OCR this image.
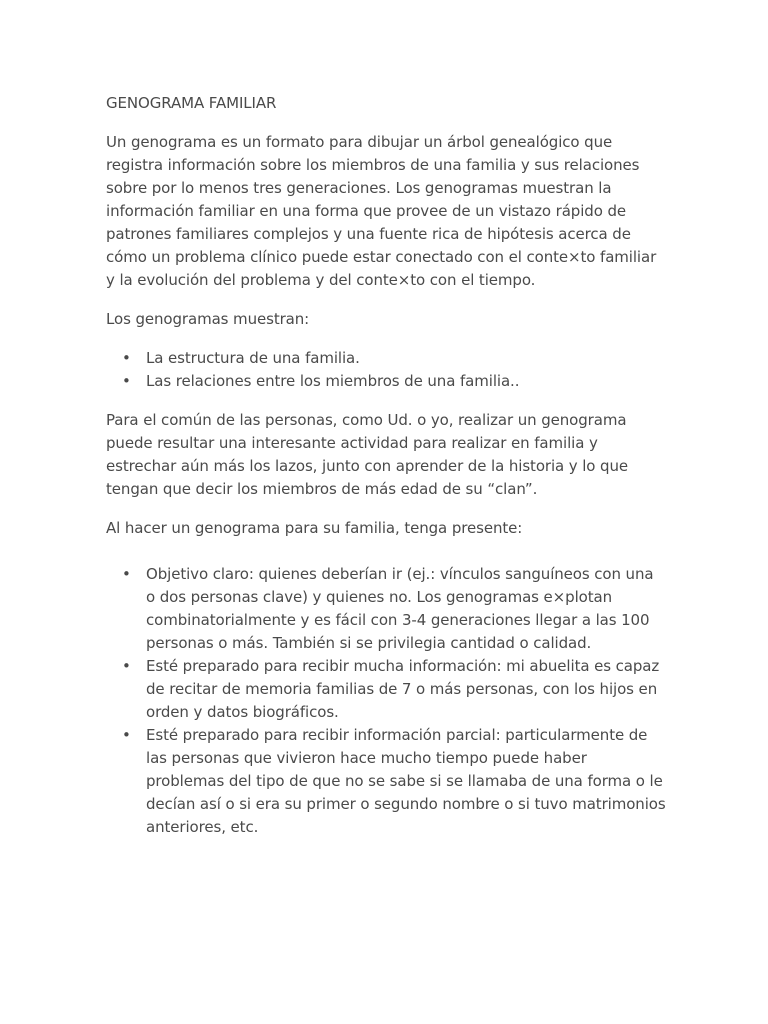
GENOGRAMA FAMILIAR

Un genograma es un formato para dibujar un árbol genealógico que registra información sobre los miembros de una familia y sus relaciones sobre por lo menos tres generaciones. Los genogramas muestran la información familiar en una forma que provee de un vistazo rápido de patrones familiares complejos y una fuente rica de hipótesis acerca de cómo un problema clínico puede estar conectado con el conte×to familiar y la evolución del problema y del conte×to con el tiempo.

Los genogramas muestran:

• La estructura de una familia.
• Las relaciones entre los miembros de una familia..

Para el común de las personas, como Ud. o yo, realizar un genograma puede resultar una interesante actividad para realizar en familia y estrechar aún más los lazos, junto con aprender de la historia y lo que tengan que decir los miembros de más edad de su “clan”.

Al hacer un genograma para su familia, tenga presente:

• Objetivo claro: quienes deberían ir (ej.: vínculos sanguíneos con una o dos personas clave) y quienes no. Los genogramas e×plotan combinatorialmente y es fácil con 3-4 generaciones llegar a las 100 personas o más. También si se privilegia cantidad o calidad.
• Esté preparado para recibir mucha información: mi abuelita es capaz de recitar de memoria familias de 7 o más personas, con los hijos en orden y datos biográficos.
• Esté preparado para recibir información parcial: particularmente de las personas que vivieron hace mucho tiempo puede haber problemas del tipo de que no se sabe si se llamaba de una forma o le decían así o si era su primer o segundo nombre o si tuvo matrimonios anteriores, etc.
